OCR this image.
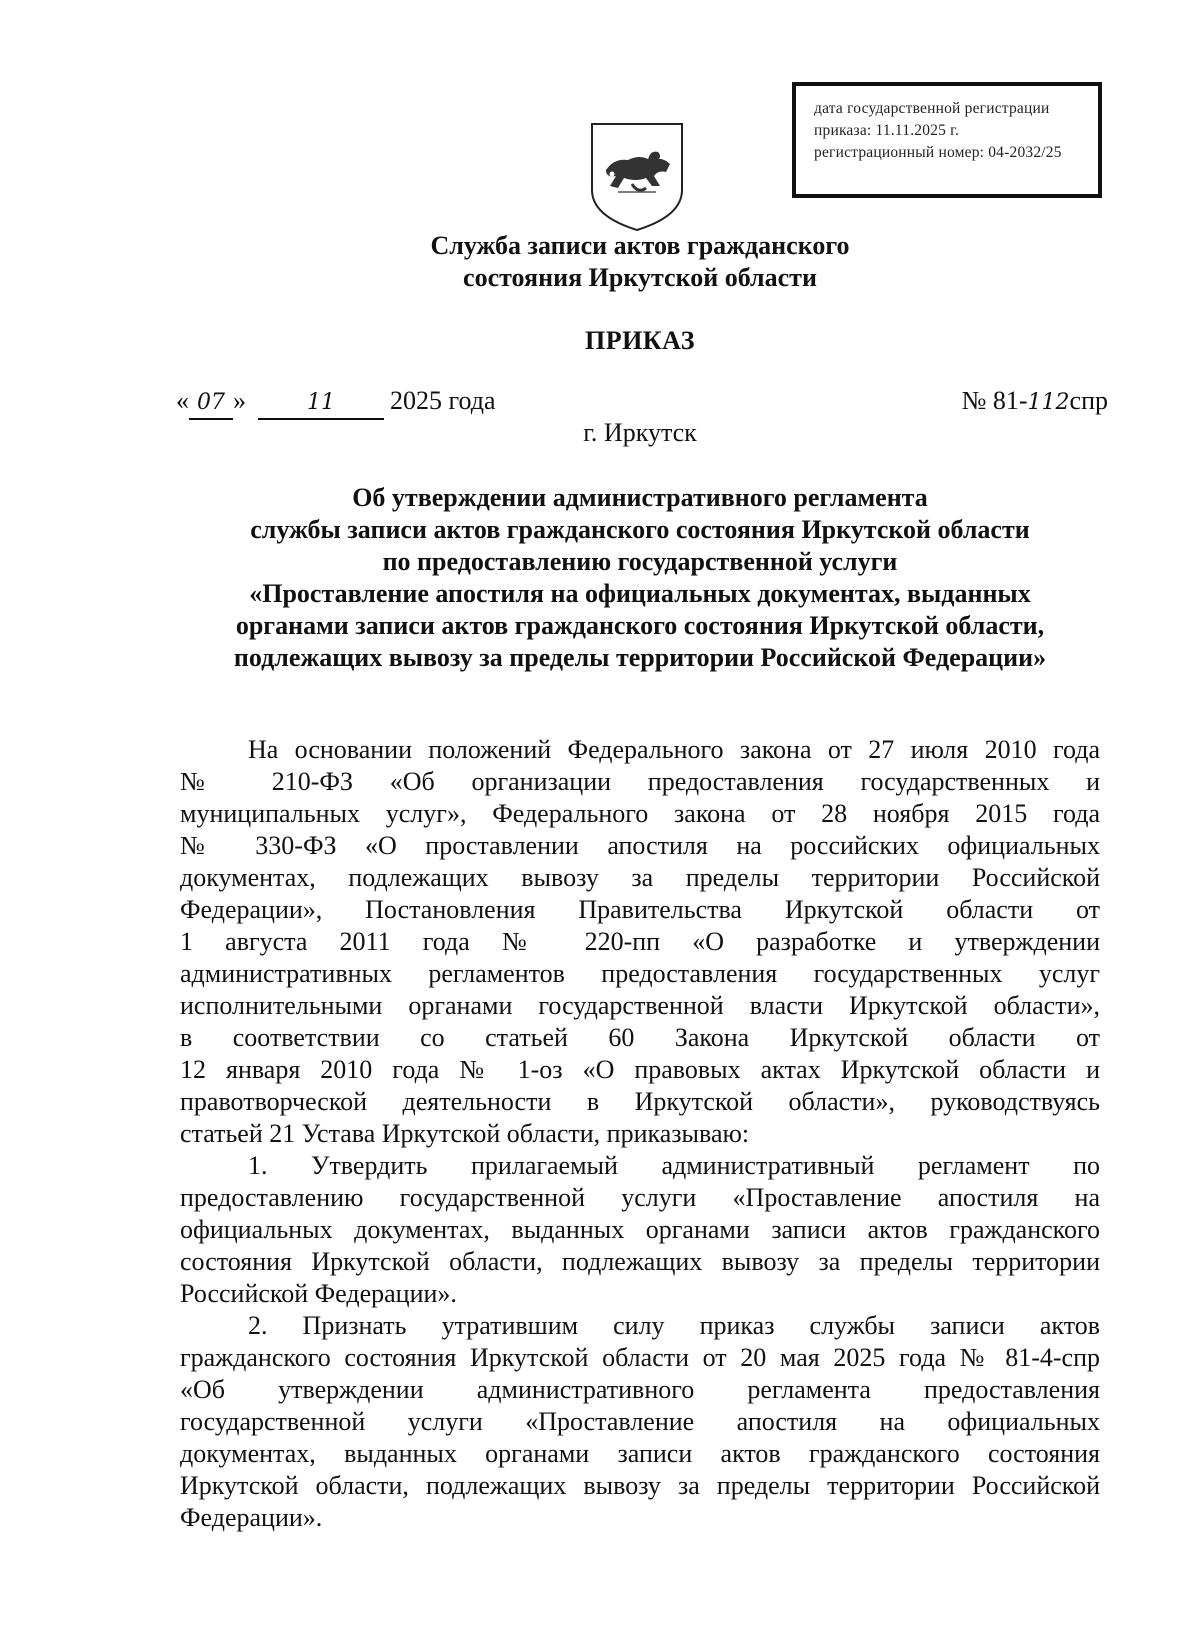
дата государственной регистрации
приказа: 11.11.2025 г.
регистрационный номер: 04-2032/25
Служба записи актов гражданского
состояния Иркутской области
ПРИКАЗ
« 07 »	11 2025 года	№ 81-112спр
г. Иркутск
Об утверждении административного регламента
службы записи актов гражданского состояния Иркутской области
по предоставлению государственной услуги
«Проставление апостиля на официальных документах, выданных
органами записи актов гражданского состояния Иркутской области,
подлежащих вывозу за пределы территории Российской Федерации»
На основании положений Федерального закона от 27 июля 2010 года
№ 210-ФЗ «Об организации предоставления государственных и
муниципальных услуг», Федерального закона от 28 ноября 2015 года
№ 330-ФЗ «О проставлении апостиля на российских официальных
документах, подлежащих вывозу за пределы территории Российской
Федерации», Постановления Правительства Иркутской области от
1 августа 2011 года № 220-пп «О разработке и утверждении
административных регламентов предоставления государственных услуг
исполнительными органами государственной власти Иркутской области»,
в соответствии со статьей 60 Закона Иркутской области от
12 января 2010 года № 1-оз «О правовых актах Иркутской области и
правотворческой деятельности в Иркутской области», руководствуясь
статьей 21 Устава Иркутской области, приказываю:
1. Утвердить прилагаемый административный регламент по
предоставлению государственной услуги «Проставление апостиля на
официальных документах, выданных органами записи актов гражданского
состояния Иркутской области, подлежащих вывозу за пределы территории
Российской Федерации».
2. Признать утратившим силу приказ службы записи актов
гражданского состояния Иркутской области от 20 мая 2025 года № 81-4-спр
«Об утверждении административного регламента предоставления
государственной услуги «Проставление апостиля на официальных
документах, выданных органами записи актов гражданского состояния
Иркутской области, подлежащих вывозу за пределы территории Российской
Федерации».
